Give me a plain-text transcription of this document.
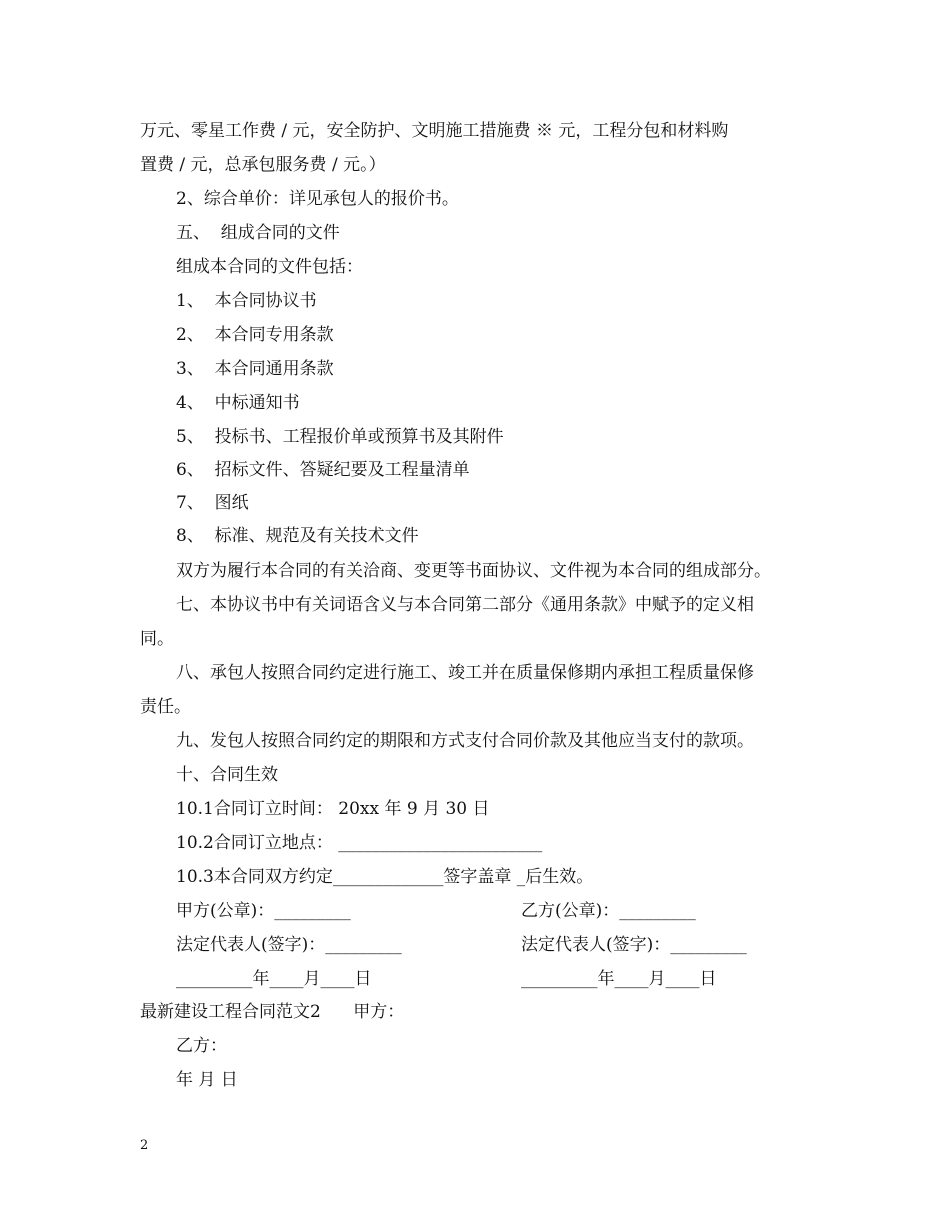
万元、零星工作费 / 元，安全防护、文明施工措施费 ※ 元，工程分包和材料购
置费 / 元，总承包服务费 / 元。）
2、综合单价：详见承包人的报价书。
五、  组成合同的文件
组成本合同的文件包括：
1、  本合同协议书
2、  本合同专用条款
3、  本合同通用条款
4、  中标通知书
5、  投标书、工程报价单或预算书及其附件
6、  招标文件、答疑纪要及工程量清单
7、  图纸
8、  标准、规范及有关技术文件
双方为履行本合同的有关洽商、变更等书面协议、文件视为本合同的组成部分。
七、本协议书中有关词语含义与本合同第二部分《通用条款》中赋予的定义相
同。
八、承包人按照合同约定进行施工、竣工并在质量保修期内承担工程质量保修
责任。
九、发包人按照合同约定的期限和方式支付合同价款及其他应当支付的款项。
十、合同生效
10.1合同订立时间： 20xx 年 9 月 30 日
10.2合同订立地点： ________________________
10.3本合同双方约定_____________签字盖章 _后生效。
甲方(公章)：_________	乙方(公章)：_________
法定代表人(签字)：_________	法定代表人(签字)：_________
_________年____月____日	_________年____月____日
最新建设工程合同范文2      甲方：
乙方：
年 月 日
2
